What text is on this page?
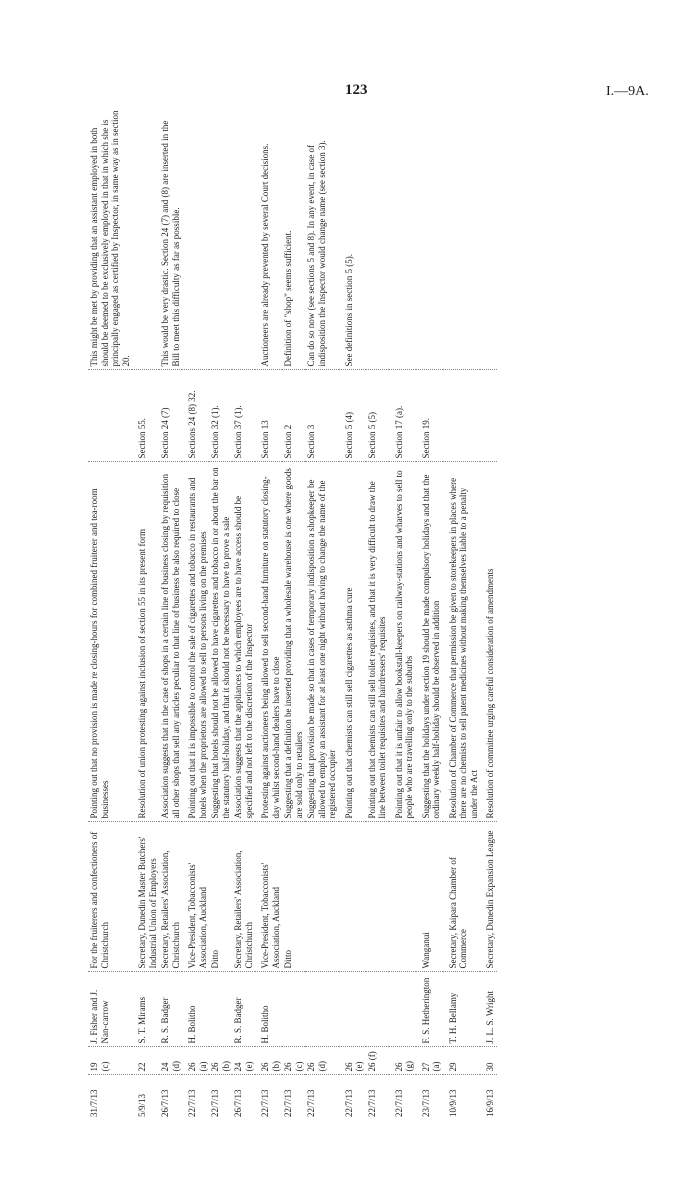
123	I.—9A.
31/7/13	19 (c)	J. Fisher and J. Nan-carrow	For the fruiterers and confectioners of Christchurch	Pointing out that no provision is made re closing-hours for combined fruiterer and tea-room businesses		This might be met by providing that an assistant employed in both should be deemed to be exclusively employed in that in which she is principally engaged as certified by Inspector, in same way as in section 20.
5/9/13	22	S. T. Mirams	Secretary, Dunedin Master Butchers' Industrial Union of Employers	Resolution of union protesting against inclusion of section 55 in its present form	Section 55.	
26/7/13	24 (d)	R. S. Badger	Secretary, Retailers' Association, Christchurch	Association suggests that in the case of shops in a certain line of business closing by requisition all other shops that sell any articles peculiar to that line of business be also required to close	Section 24 (7)	This would be very drastic. Section 24 (7) and (8) are inserted in the Bill to meet this difficulty as far as possible.
22/7/13	26 (a)	H. Bolitho	Vice-President, Tobacconists' Association, Auckland	Pointing out that it is impossible to control the sale of cigarettes and tobacco in restaurants and hotels when the proprietors are allowed to sell to persons living on the premises	Sections 24 (8) 32.	
22/7/13	26 (b)		Ditto	Suggesting that hotels should not be allowed to have cigarettes and tobacco in or about the bar on the statutory half-holiday, and that it should not be necessary to have to prove a sale	Section 32 (1).	
26/7/13	24 (e)	R. S. Badger	Secretary, Retailers' Association, Christchurch	Association suggests that the appliances to which employees are to have access should be specified and not left to the discretion of the Inspector	Section 37 (1).	
22/7/13	26 (b)	H. Bolitho	Vice-President, Tobacconists' Association, Auckland	Protesting against auctioneers being allowed to sell second-hand furniture on statutory closing-day whilst second-hand dealers have to close	Section 13	Auctioneers are already prevented by several Court decisions.
22/7/13	26 (c)		Ditto	Suggesting that a definition be inserted providing that a wholesale warehouse is one where goods are sold only to retailers	Section 2	Definition of "shop" seems sufficient.
22/7/13	26 (d)			Suggesting that provision be made so that in cases of temporary indisposition a shopkeeper be allowed to employ an assistant for at least one night without having to change the name of the registered occupier	Section 3	Can do so now (see sections 5 and 8). In any event, in case of indisposition the Inspector would change name (see section 3).
22/7/13	26 (e)			Pointing out that chemists can still sell cigarettes as asthma cure	Section 5 (4)	See definitions in section 5 (5).
22/7/13	26 (f)			Pointing out that chemists can still sell toilet requisites, and that it is very difficult to draw the line between toilet requisites and hairdressers' requisites	Section 5 (5)	
22/7/13	26 (g)			Pointing out that it is unfair to allow bookstall-keepers on railway-stations and wharves to sell to people who are travelling only to the suburbs	Section 17 (a).	
23/7/13	27 (a)	F. S. Hetherington	Wanganui	Suggesting that the holidays under section 19 should be made compulsory holidays and that the ordinary weekly half-holiday should be observed in addition	Section 19.	
10/9/13	29	T. H. Bellamy	Secretary, Kaipara Chamber of Commerce	Resolution of Chamber of Commerce that permission be given to storekeepers in places where there are no chemists to sell patent medicines without making themselves liable to a penalty under the Act		
16/9/13	30	J. L. S. Wright	Secretary, Dunedin Expansion League	Resolution of committee urging careful consideration of amendments		
